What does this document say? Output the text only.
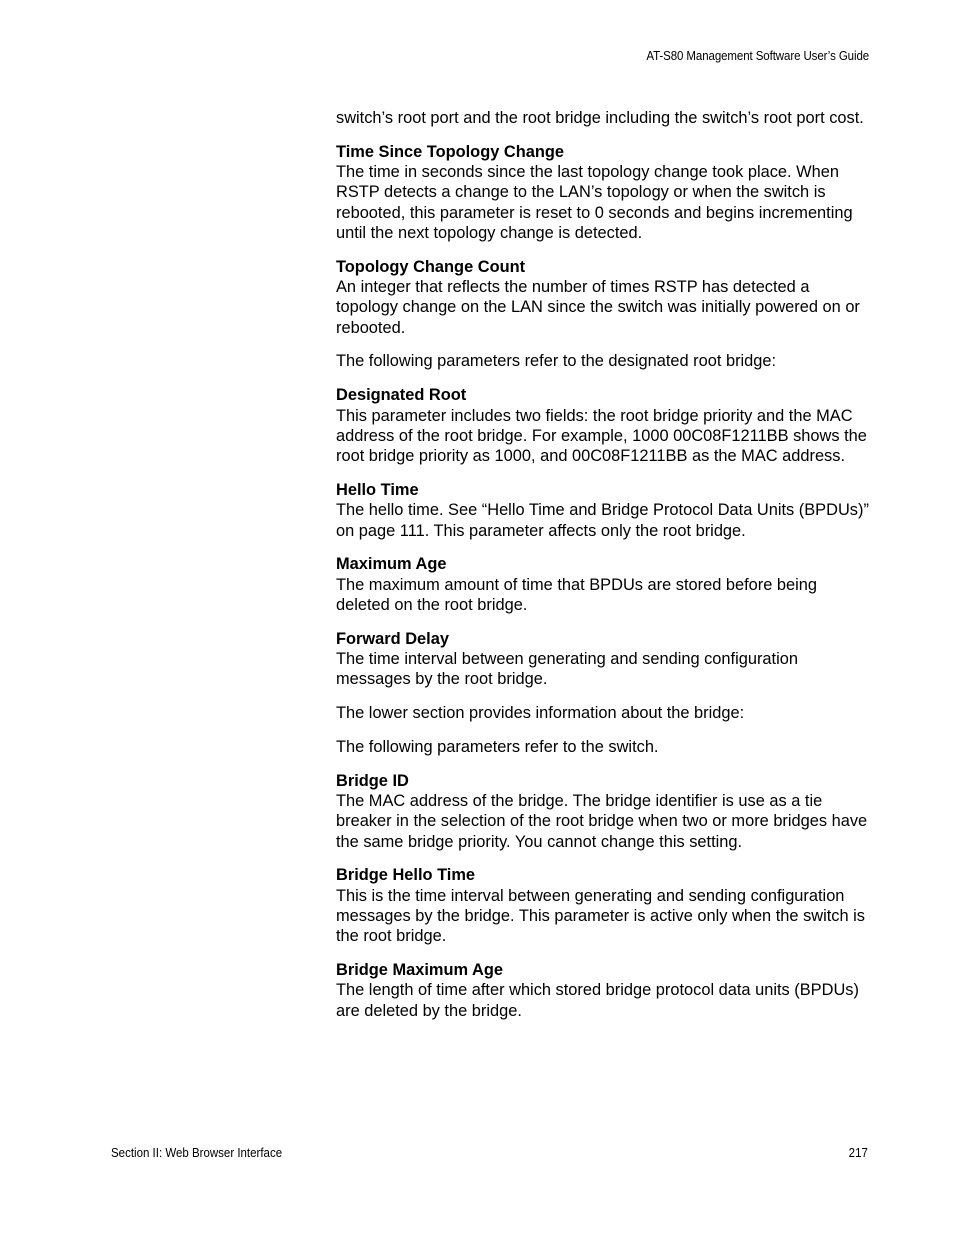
AT-S80 Management Software User’s Guide

switch’s root port and the root bridge including the switch’s root port cost.

Time Since Topology Change
The time in seconds since the last topology change took place. When RSTP detects a change to the LAN’s topology or when the switch is rebooted, this parameter is reset to 0 seconds and begins incrementing until the next topology change is detected.
Topology Change Count
An integer that reflects the number of times RSTP has detected a topology change on the LAN since the switch was initially powered on or rebooted.

The following parameters refer to the designated root bridge:

Designated Root
This parameter includes two fields: the root bridge priority and the MAC address of the root bridge. For example, 1000 00C08F1211BB shows the root bridge priority as 1000, and 00C08F1211BB as the MAC address.
Hello Time
The hello time. See “Hello Time and Bridge Protocol Data Units (BPDUs)” on page 111. This parameter affects only the root bridge.
Maximum Age
The maximum amount of time that BPDUs are stored before being deleted on the root bridge.
Forward Delay
The time interval between generating and sending configuration messages by the root bridge.

The lower section provides information about the bridge:

The following parameters refer to the switch.

Bridge ID
The MAC address of the bridge. The bridge identifier is use as a tie breaker in the selection of the root bridge when two or more bridges have the same bridge priority. You cannot change this setting.
Bridge Hello Time
This is the time interval between generating and sending configuration messages by the bridge. This parameter is active only when the switch is the root bridge.
Bridge Maximum Age
The length of time after which stored bridge protocol data units (BPDUs) are deleted by the bridge.
Section II: Web Browser Interface	217
